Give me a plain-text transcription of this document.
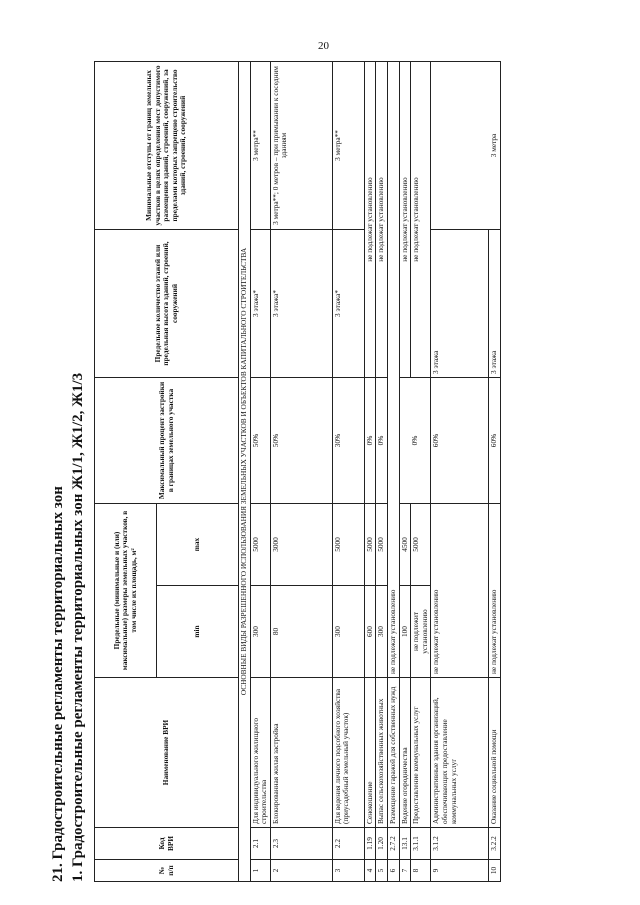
20
21. Градостроительные регламенты территориальных зон 1. Градостроительные регламенты территориальных зон Ж1/1, Ж1/2, Ж1/3	№ п/п	Код ВРИ	Наименование ВРИ	Предельные (минимальные и (или) максимальные) размеры земельных участков, в том числе их площадь, м²		Максимальный процент застройки в границах земельного участка	Предельное количество этажей или предельная высота зданий, строений, сооружений	Минимальные отступы от границ земельных участков в целях определения мест допустимого размещения зданий, строений, сооружений, за пределами которых запрещено строительство зданий, строений, сооружений
			min	max			
ОСНОВНЫЕ ВИДЫ РАЗРЕШЕННОГО ИСПОЛЬЗОВАНИЯ ЗЕМЕЛЬНЫХ УЧАСТКОВ И ОБЪЕКТОВ КАПИТАЛЬНОГО СТРОИТЕЛЬСТВА							
1	2.1	Для индивидуального жилищного строительства	300	5000	50%	3 этажа*	3 метра**
2	2.3	Блокированная жилая застройка	80	3000	50%	3 этажа*	3 метра**; 0 метров – при примыкании к соседним зданиям
3	2.2	Для ведения личного подсобного хозяйства (приусадебный земельный участок)	300	5000	30%	3 этажа*	3 метра**
4	1.19	Сенокошение	600	5000	0%	не подлежат установлению	
5	1.20	Выпас сельскохозяйственных животных	300	5000	0%	не подлежат установлению	
6	2.7.2	Размещение гаражей для собственных нужд	не подлежат установлению				
7	13.1	Ведение огородничества	100	4500	0%	не подлежат установлению	
8	3.1.1	Предоставление коммунальных услуг	не подлежит установлению	5000		не подлежат установлению	
9	3.1.2	Административные здания организаций, обеспечивающих предоставление коммунальных услуг	не подлежат установлению		60%	3 этажа	3 метра
10	3.2.2	Оказание социальной помощи	не подлежат установлению		60%	3 этажа	
